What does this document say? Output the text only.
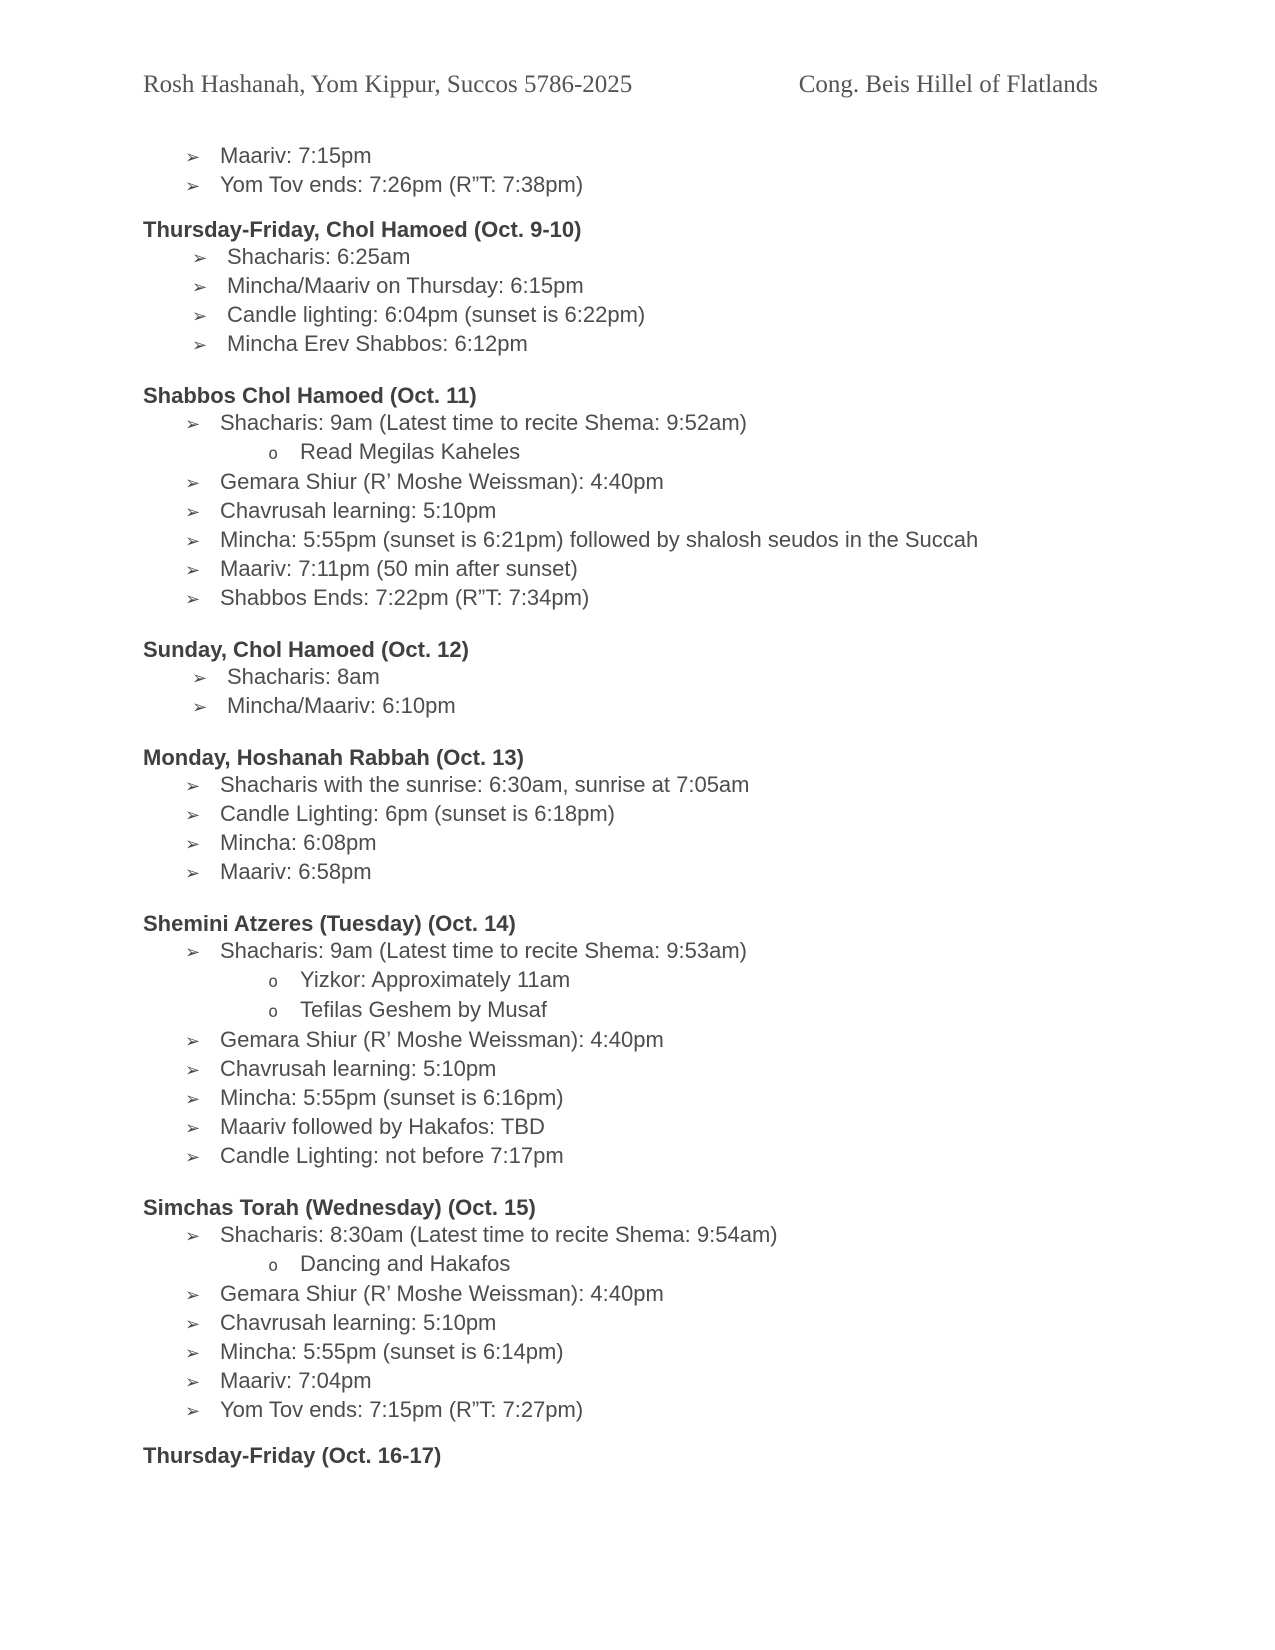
Rosh Hashanah, Yom Kippur, Succos 5786-2025	Cong. Beis Hillel of Flatlands
➢ Maariv: 7:15pm
➢ Yom Tov ends: 7:26pm (R”T: 7:38pm)
Thursday-Friday, Chol Hamoed (Oct. 9-10)
➢ Shacharis: 6:25am
➢ Mincha/Maariv on Thursday: 6:15pm
➢ Candle lighting: 6:04pm (sunset is 6:22pm)
➢ Mincha Erev Shabbos: 6:12pm
Shabbos Chol Hamoed (Oct. 11)
➢ Shacharis: 9am (Latest time to recite Shema: 9:52am)
o Read Megilas Kaheles
➢ Gemara Shiur (R’ Moshe Weissman): 4:40pm
➢ Chavrusah learning: 5:10pm
➢ Mincha: 5:55pm (sunset is 6:21pm) followed by shalosh seudos in the Succah
➢ Maariv: 7:11pm (50 min after sunset)
➢ Shabbos Ends: 7:22pm (R”T: 7:34pm)
Sunday, Chol Hamoed (Oct. 12)
➢ Shacharis: 8am
➢ Mincha/Maariv: 6:10pm
Monday, Hoshanah Rabbah (Oct. 13)
➢ Shacharis with the sunrise: 6:30am, sunrise at 7:05am
➢ Candle Lighting: 6pm (sunset is 6:18pm)
➢ Mincha: 6:08pm
➢ Maariv: 6:58pm
Shemini Atzeres (Tuesday) (Oct. 14)
➢ Shacharis: 9am (Latest time to recite Shema: 9:53am)
o Yizkor: Approximately 11am
o Tefilas Geshem by Musaf
➢ Gemara Shiur (R’ Moshe Weissman): 4:40pm
➢ Chavrusah learning: 5:10pm
➢ Mincha: 5:55pm (sunset is 6:16pm)
➢ Maariv followed by Hakafos: TBD
➢ Candle Lighting: not before 7:17pm
Simchas Torah (Wednesday) (Oct. 15)
➢ Shacharis: 8:30am (Latest time to recite Shema: 9:54am)
o Dancing and Hakafos
➢ Gemara Shiur (R’ Moshe Weissman): 4:40pm
➢ Chavrusah learning: 5:10pm
➢ Mincha: 5:55pm (sunset is 6:14pm)
➢ Maariv: 7:04pm
➢ Yom Tov ends: 7:15pm (R”T: 7:27pm)
Thursday-Friday (Oct. 16-17)
